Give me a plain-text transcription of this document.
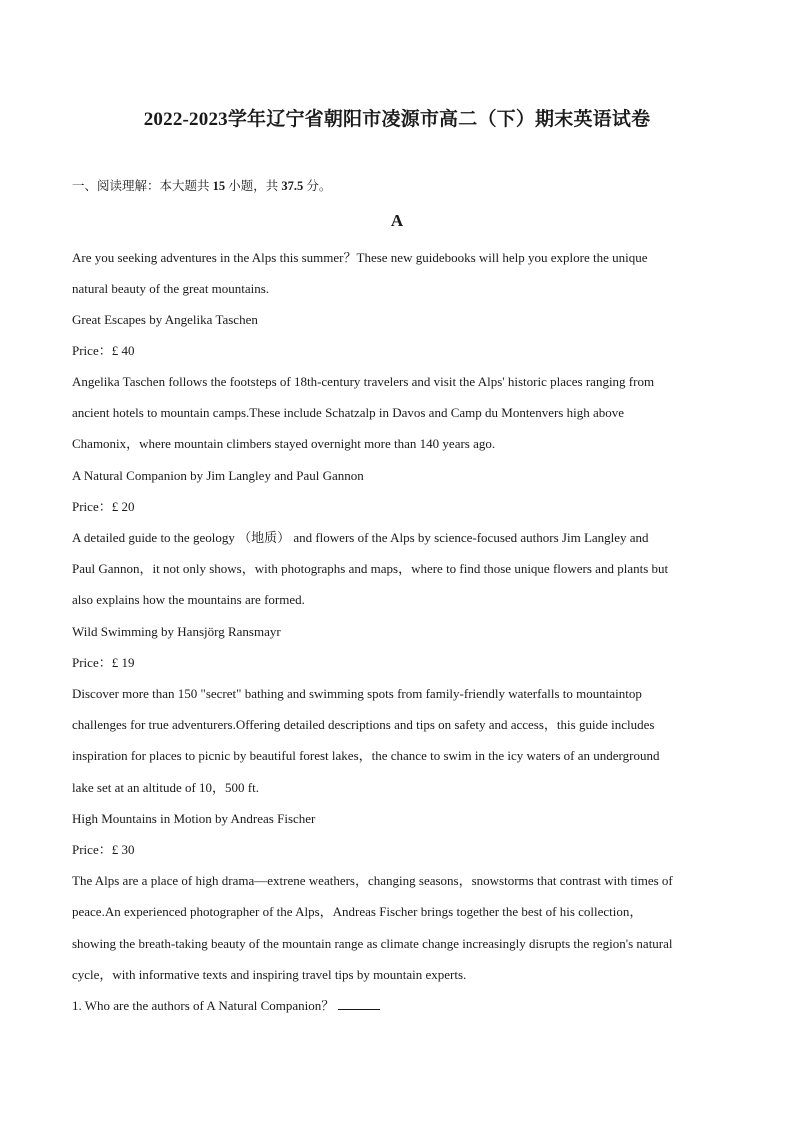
2022-2023学年辽宁省朝阳市凌源市高二（下）期末英语试卷
一、阅读理解：本大题共 15 小题，共 37.5 分。
A
Are you seeking adventures in the Alps this summer？These new guidebooks will help you explore the unique
natural beauty of the great mountains.
Great Escapes by Angelika Taschen
Price：£ 40
Angelika Taschen follows the footsteps of 18th-century travelers and visit the Alps' historic places ranging from
ancient hotels to mountain camps.These include Schatzalp in Davos and Camp du Montenvers high above
Chamonix，where mountain climbers stayed overnight more than 140 years ago.
A Natural Companion by Jim Langley and Paul Gannon
Price：£ 20
A detailed guide to the geology （地质） and flowers of the Alps by science-focused authors Jim Langley and
Paul Gannon，it not only shows，with photographs and maps，where to find those unique flowers and plants but
also explains how the mountains are formed.
Wild Swimming by Hansjörg Ransmayr
Price：£ 19
Discover more than 150 "secret" bathing and swimming spots from family-friendly waterfalls to mountaintop
challenges for true adventurers.Offering detailed descriptions and tips on safety and access，this guide includes
inspiration for places to picnic by beautiful forest lakes，the chance to swim in the icy waters of an underground
lake set at an altitude of 10，500 ft.
High Mountains in Motion by Andreas Fischer
Price：£ 30
The Alps are a place of high drama—extrene weathers，changing seasons，snowstorms that contrast with times of
peace.An experienced photographer of the Alps，Andreas Fischer brings together the best of his collection，
showing the breath-taking beauty of the mountain range as climate change increasingly disrupts the region's natural
cycle，with informative texts and inspiring travel tips by mountain experts.
1. Who are the authors of A Natural Companion？
